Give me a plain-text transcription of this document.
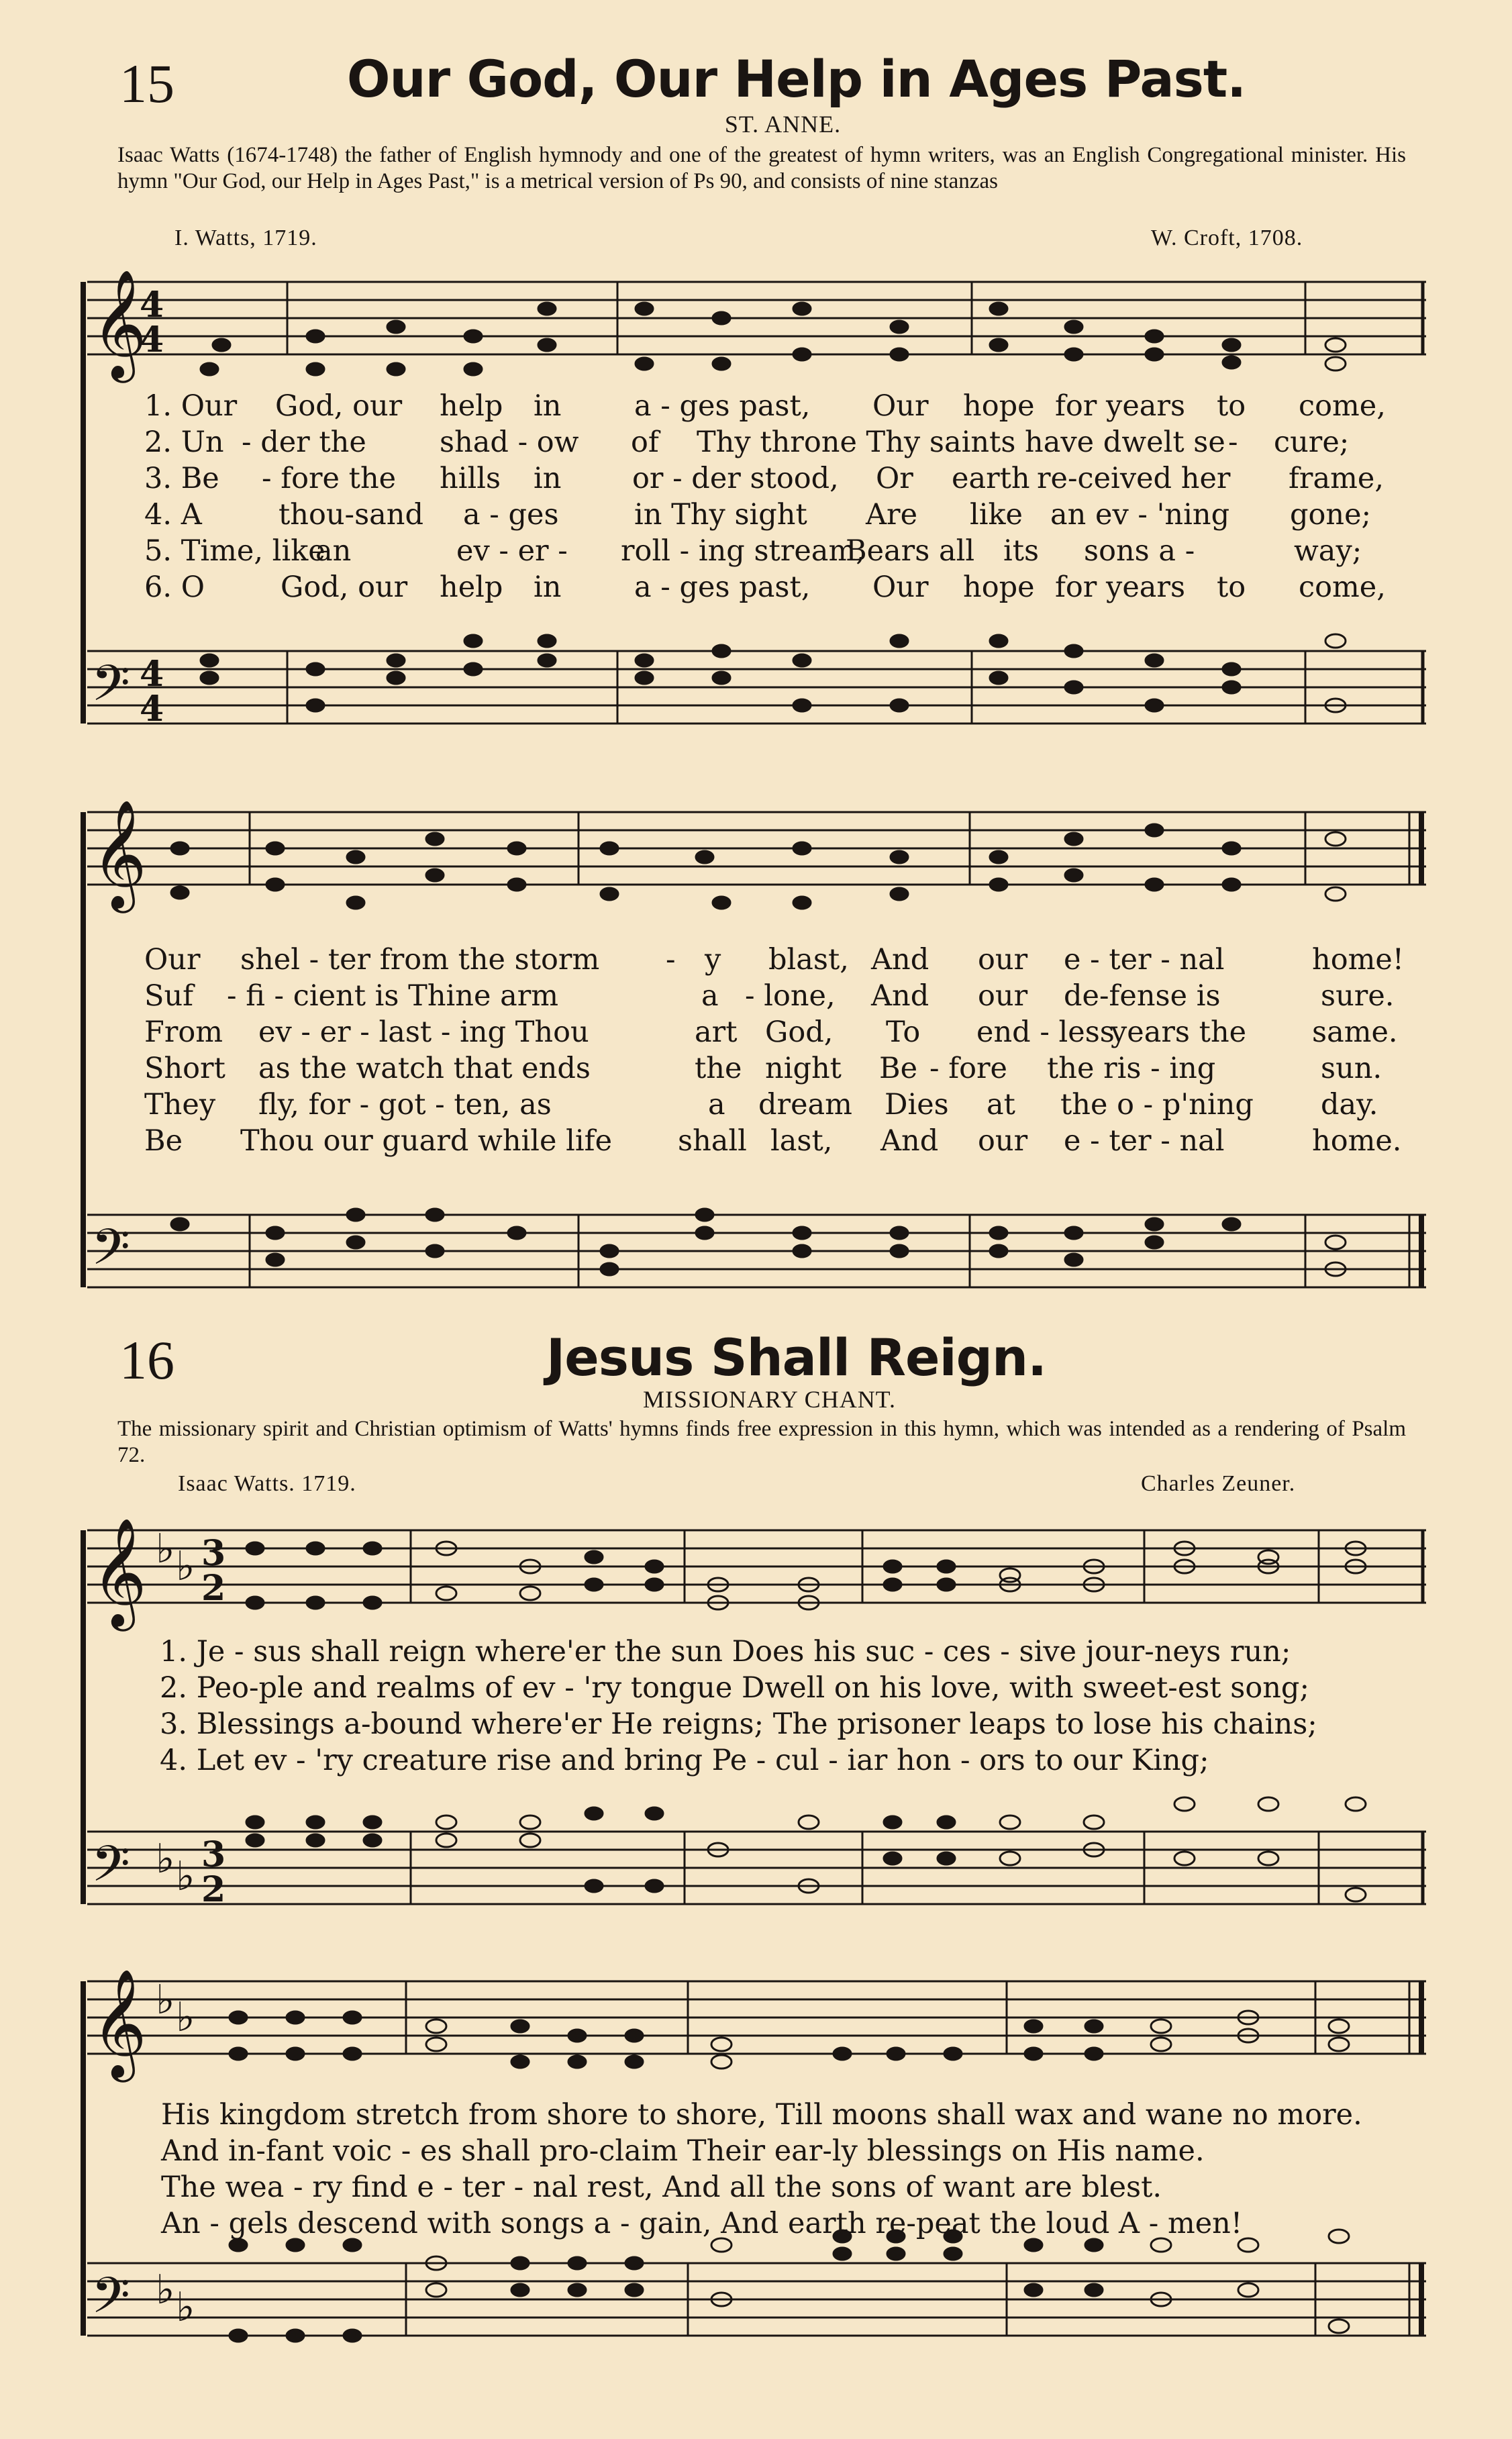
15	Our God, Our Help in Ages Past.
ST. ANNE.
Isaac Watts (1674-1748) the father of English hymnody and one of the greatest of hymn writers, was an English Congregational minister. His hymn "Our God, our Help in Ages Past," is a metrical version of Ps 90, and consists of nine stanzas
I. Watts, 1719.	W. Croft, 1708.
𝄞
4
4
𝄢 4
4
1. Our God, our help in	a - ges past, Our hope for years to come,
2. Un - der the	shad - ow of Thy throne Thy saints have dwelt se - cure;
3. Be - fore the hills in or - der stood, Or earth re-ceived her frame,
4. A	thou-sand a - ges	in Thy sight Are like an ev - 'ning gone;
5. Time, like
an	ev - er - roll - ing stream,
Bears all its sons a -	way;
6. O	God, our help in	a - ges past, Our hope for years to come,
𝄞
𝄢
Our shel - ter from the storm - y blast, And our e - ter - nal	home!
Suf - fi - cient is Thine arm	a - lone, And our de-fense is	sure.
From ev - er - last - ing Thou	art God, To end - less
years the same.
Short as the watch that ends	the night Be - fore the ris - ing	sun.
They fly, for - got - ten, as	a dream Dies at the o - p'ning day.
Be Thou our guard while life shall last, And our e - ter - nal	home.
16	Jesus Shall Reign.
MISSIONARY CHANT.
The missionary spirit and Christian optimism of Watts' hymns finds free expression in this hymn, which was intended as a rendering of Psalm 72.
Isaac Watts. 1719.	Charles Zeuner.
𝄞 ♭ ♭ 3
2
𝄢 ♭ ♭ 3
2
1. Je - sus shall reign where'er the sun Does his suc - ces - sive jour-neys run;
2. Peo-ple and realms of ev - 'ry tongue Dwell on his love, with sweet-est song;
3. Blessings a-bound where'er He reigns; The prisoner leaps to lose his chains;
4. Let ev - 'ry creature rise and bring Pe - cul - iar hon - ors to our King;
𝄞 ♭ ♭
𝄢 ♭ ♭
His kingdom stretch from shore to shore, Till moons shall wax and wane no more.
And in-fant voic - es shall pro-claim Their ear-ly blessings on His name.
The wea - ry find e - ter - nal rest, And all the sons of want are blest.
An - gels descend with songs a - gain, And earth re-peat the loud A - men!
